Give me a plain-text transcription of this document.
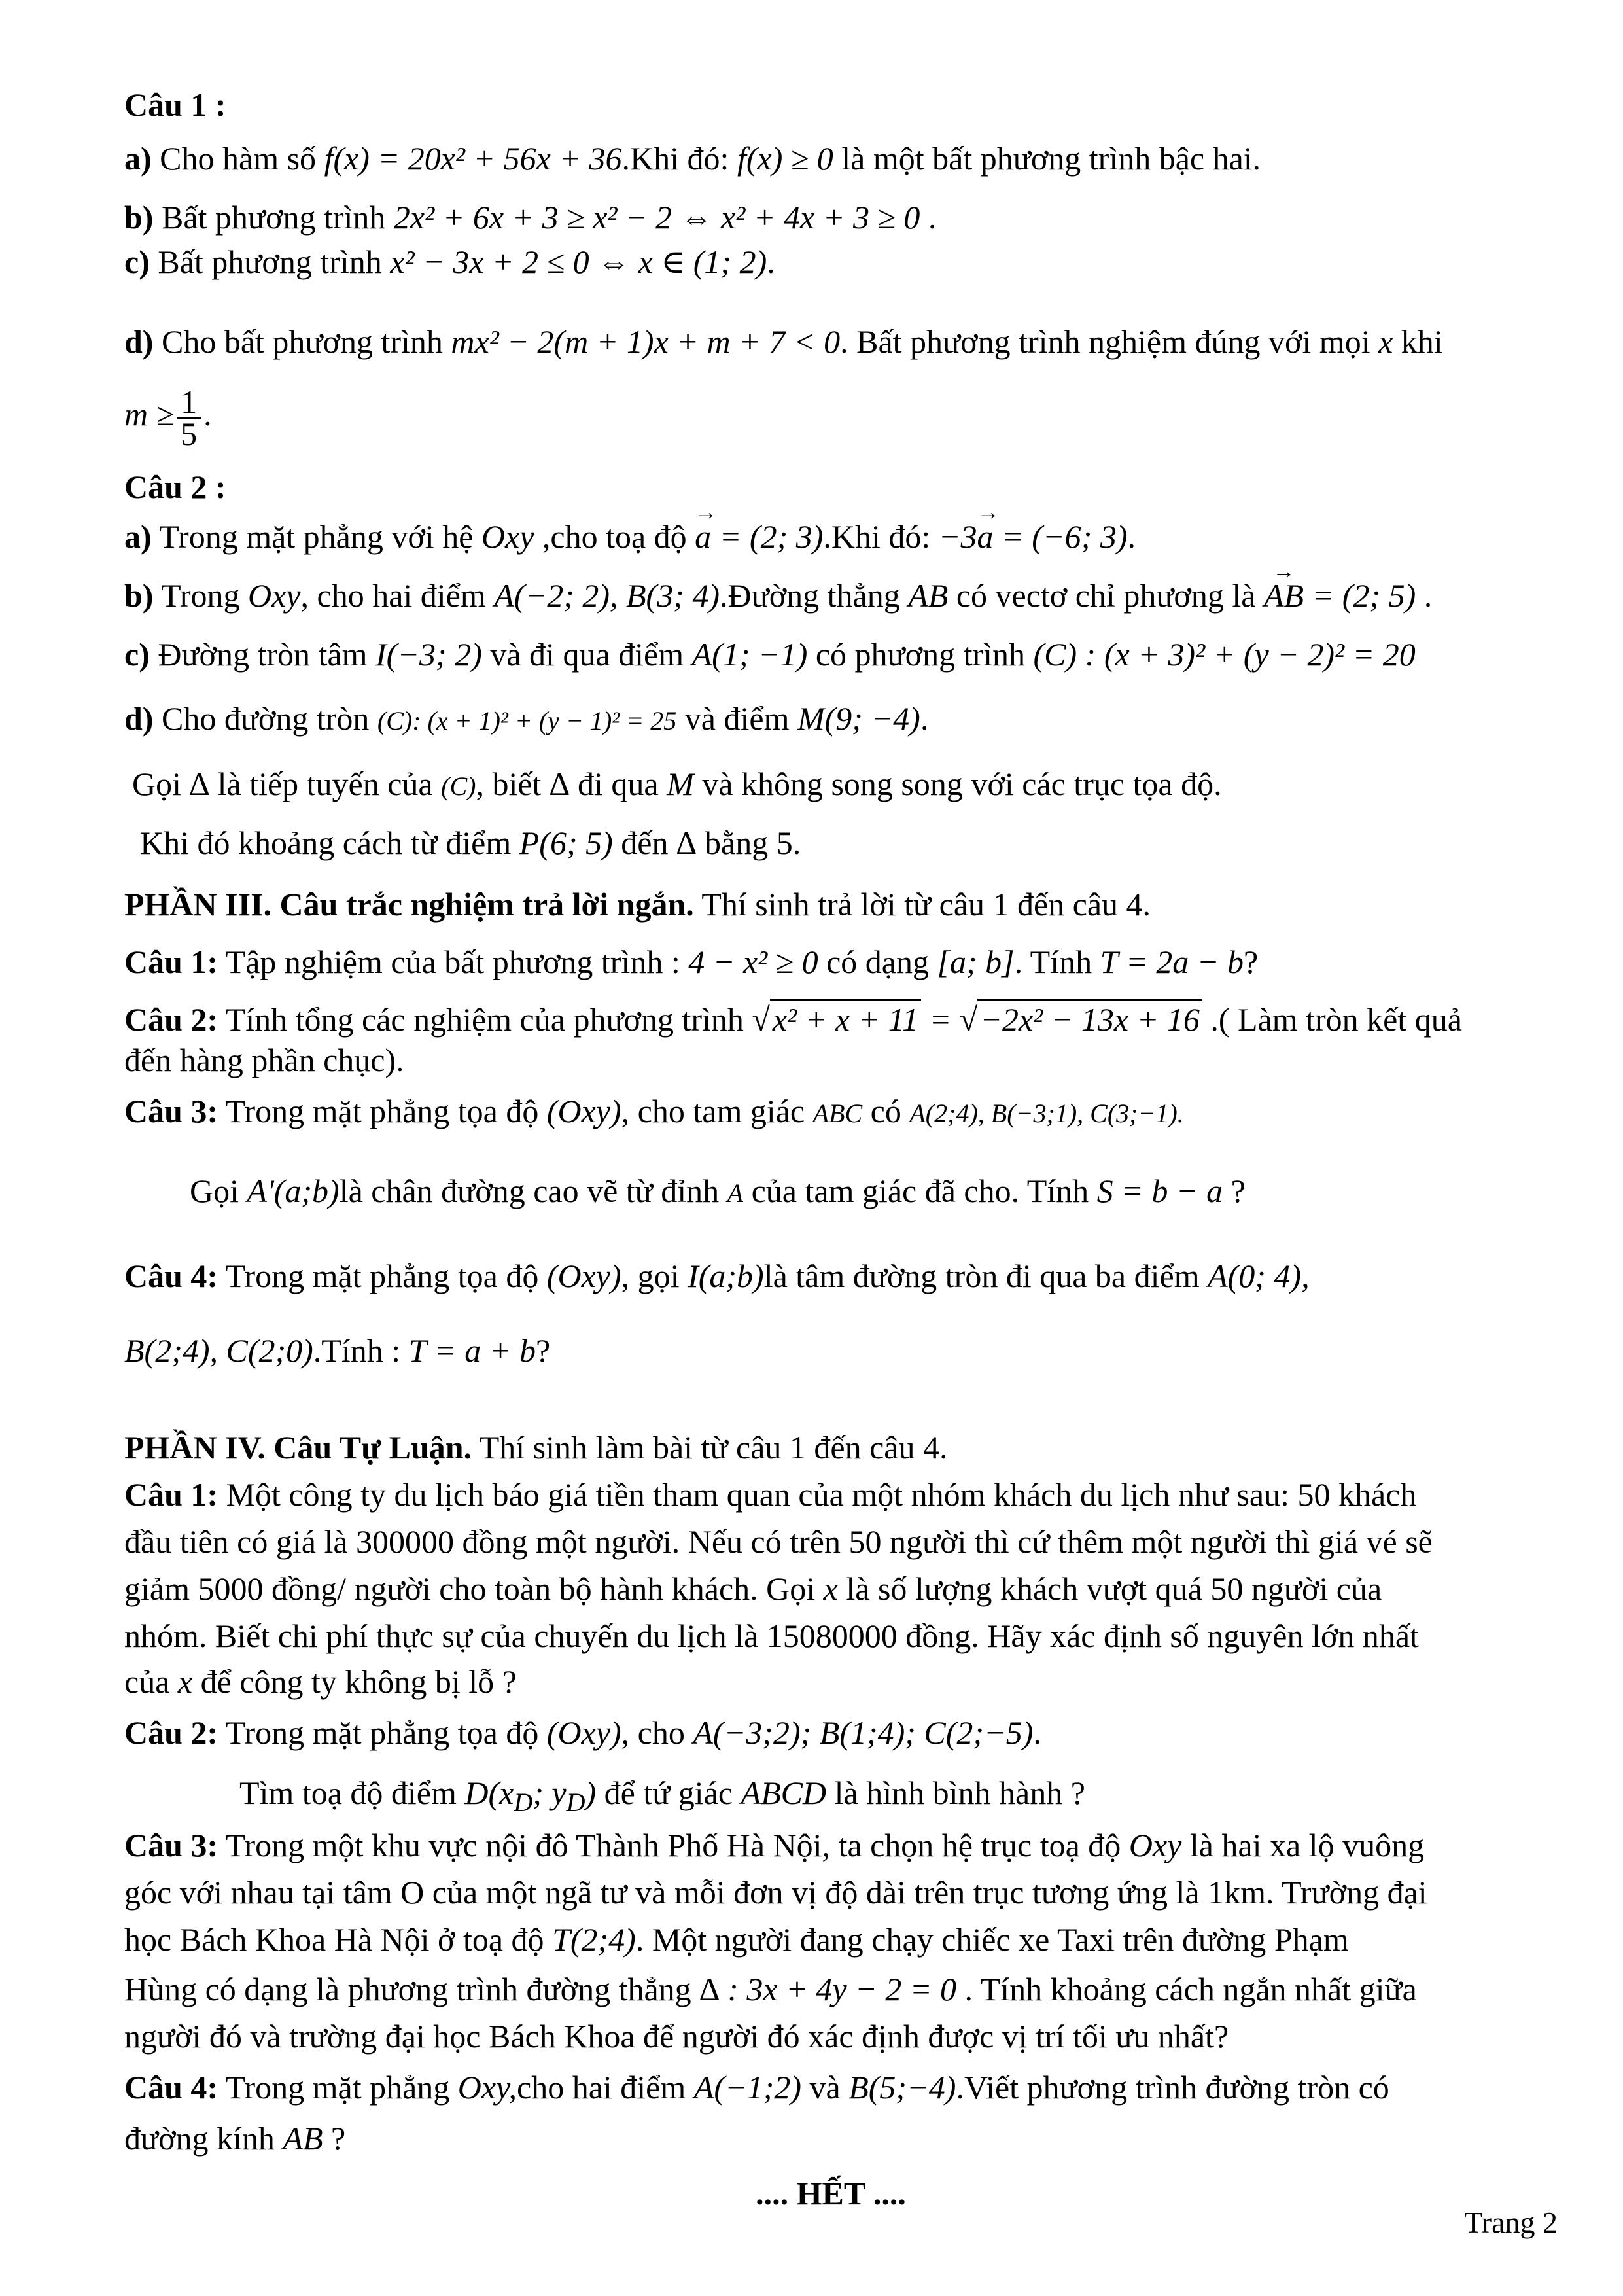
Câu 1 :
a) Cho hàm số f(x) = 20x² + 56x + 36.Khi đó: f(x) ≥ 0 là một bất phương trình bậc hai.
b) Bất phương trình 2x² + 6x + 3 ≥ x² − 2 ⇔ x² + 4x + 3 ≥ 0 .
c) Bất phương trình x² − 3x + 2 ≤ 0 ⇔ x ∈ (1; 2).
d) Cho bất phương trình mx² − 2(m + 1)x + m + 7 < 0. Bất phương trình nghiệm đúng với mọi x khi
$m \ge \frac{1}{5}$ .
Câu 2 :
a) Trong mặt phẳng với hệ Oxy ,cho toạ độ → a = (2; 3).Khi đó: −3→ a = (−6; 3).
b) Trong Oxy, cho hai điểm A(−2; 2), B(3; 4).Đường thẳng AB có vectơ chỉ phương là → AB = (2; 5) .
c) Đường tròn tâm I(−3; 2) và đi qua điểm A(1; −1) có phương trình (C) : (x + 3)² + (y − 2)² = 20
d) Cho đường tròn (C): (x + 1)² + (y − 1)² = 25 và điểm M(9; −4).
Gọi ∆ là tiếp tuyến của (C), biết ∆ đi qua M và không song song với các trục tọa độ.
Khi đó khoảng cách từ điểm P(6; 5) đến ∆ bằng 5.
PHẦN III. Câu trắc nghiệm trả lời ngắn. Thí sinh trả lời từ câu 1 đến câu 4.
Câu 1: Tập nghiệm của bất phương trình : 4 − x² ≥ 0 có dạng [a; b]. Tính T = 2a − b?
Câu 2: Tính tổng các nghiệm của phương trình √x² + x + 11 = √−2x² − 13x + 16 .( Làm tròn kết quả
đến hàng phần chục).
Câu 3: Trong mặt phẳng tọa độ (Oxy), cho tam giác ABC có A(2;4), B(−3;1), C(3;−1).
Gọi A'(a;b)là chân đường cao vẽ từ đỉnh A của tam giác đã cho. Tính S = b − a ?
Câu 4: Trong mặt phẳng tọa độ (Oxy), gọi I(a;b)là tâm đường tròn đi qua ba điểm A(0; 4),
B(2;4), C(2;0).Tính : T = a + b?
PHẦN IV. Câu Tự Luận. Thí sinh làm bài từ câu 1 đến câu 4.
Câu 1: Một công ty du lịch báo giá tiền tham quan của một nhóm khách du lịch như sau: 50 khách
đầu tiên có giá là 300000 đồng một người. Nếu có trên 50 người thì cứ thêm một người thì giá vé sẽ
giảm 5000 đồng/ người cho toàn bộ hành khách. Gọi x là số lượng khách vượt quá 50 người của
nhóm. Biết chi phí thực sự của chuyến du lịch là 15080000 đồng. Hãy xác định số nguyên lớn nhất
của x để công ty không bị lỗ ?
Câu 2: Trong mặt phẳng tọa độ (Oxy), cho A(−3;2); B(1;4); C(2;−5).
Tìm toạ độ điểm $D(x_D$; $y_D$) để tứ giác ABCD là hình bình hành ?
Câu 3: Trong một khu vực nội đô Thành Phố Hà Nội, ta chọn hệ trục toạ độ Oxy là hai xa lộ vuông
góc với nhau tại tâm O của một ngã tư và mỗi đơn vị độ dài trên trục tương ứng là 1km. Trường đại
học Bách Khoa Hà Nội ở toạ độ T(2;4). Một người đang chạy chiếc xe Taxi trên đường Phạm
Hùng có dạng là phương trình đường thẳng ∆ : 3x + 4y − 2 = 0 . Tính khoảng cách ngắn nhất giữa
người đó và trường đại học Bách Khoa để người đó xác định được vị trí tối ưu nhất?
Câu 4: Trong mặt phẳng Oxy,cho hai điểm A(−1;2) và B(5;−4).Viết phương trình đường tròn có
đường kính AB ?
.... HẾT ....
Trang 2
